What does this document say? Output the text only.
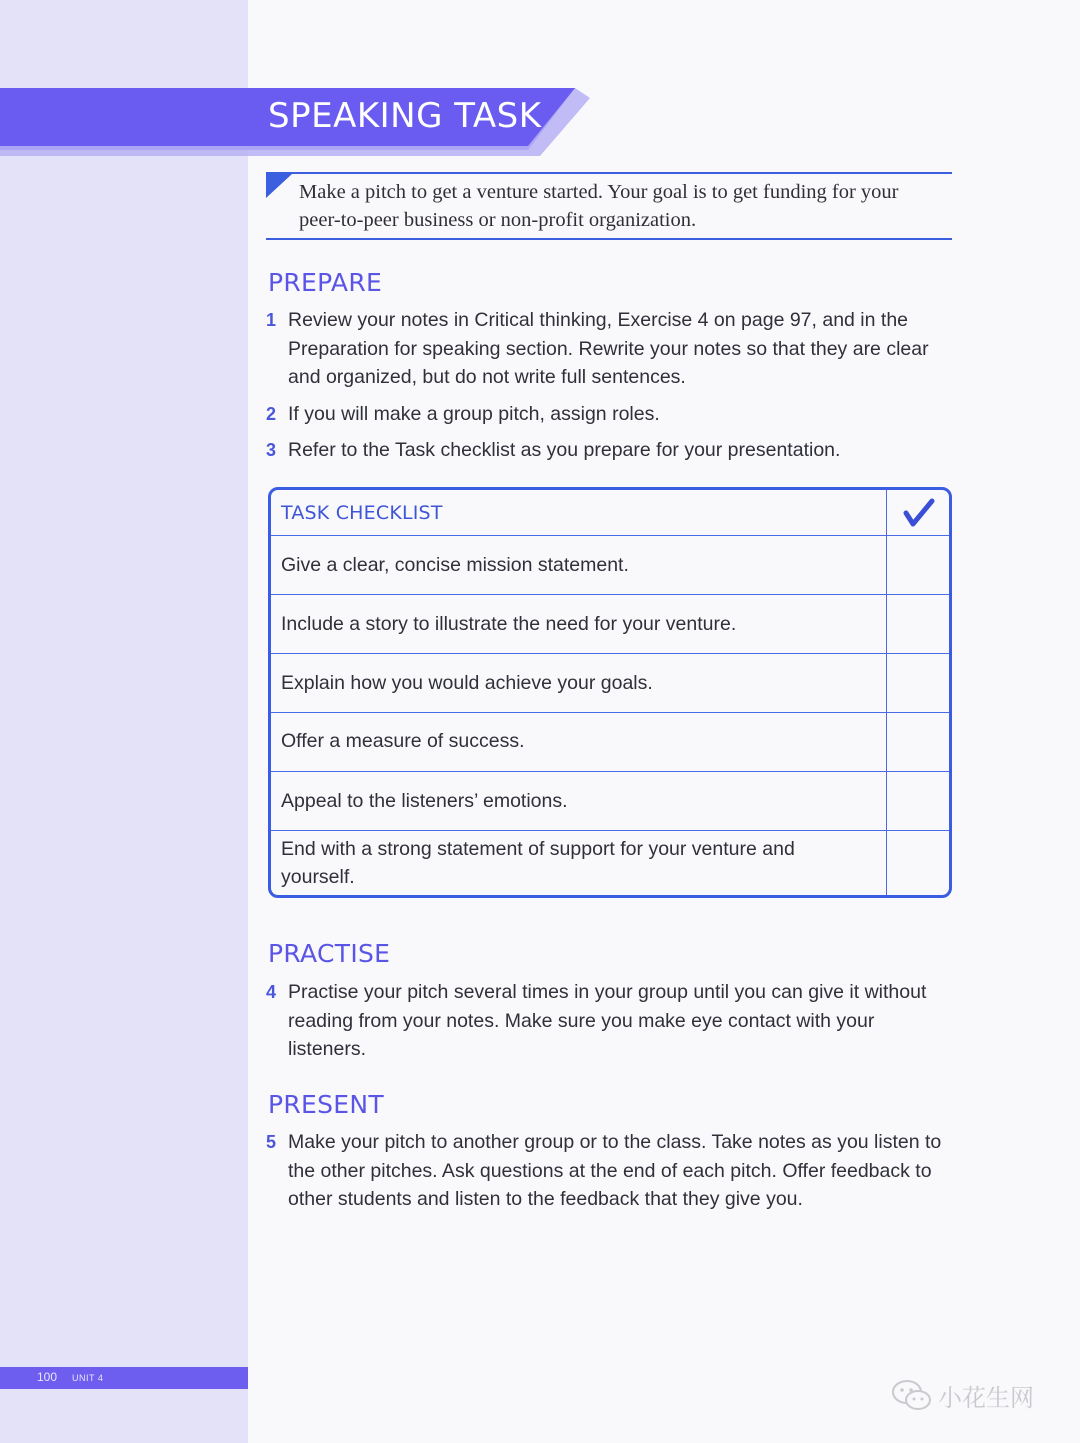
SPEAKING TASK
Make a pitch to get a venture started. Your goal is to get funding for your peer-to-peer business or non-profit organization.
PREPARE
1 Review your notes in Critical thinking, Exercise 4 on page 97, and in the Preparation for speaking section. Rewrite your notes so that they are clear and organized, but do not write full sentences.
2 If you will make a group pitch, assign roles.
3 Refer to the Task checklist as you prepare for your presentation.
TASK CHECKLIST
Give a clear, concise mission statement.
Include a story to illustrate the need for your venture.
Explain how you would achieve your goals.
Offer a measure of success.
Appeal to the listeners’ emotions.
End with a strong statement of support for your venture and yourself.
PRACTISE
4 Practise your pitch several times in your group until you can give it without reading from your notes. Make sure you make eye contact with your listeners.
PRESENT
5 Make your pitch to another group or to the class. Take notes as you listen to the other pitches. Ask questions at the end of each pitch. Offer feedback to other students and listen to the feedback that they give you.
100 UNIT 4
小花生网
